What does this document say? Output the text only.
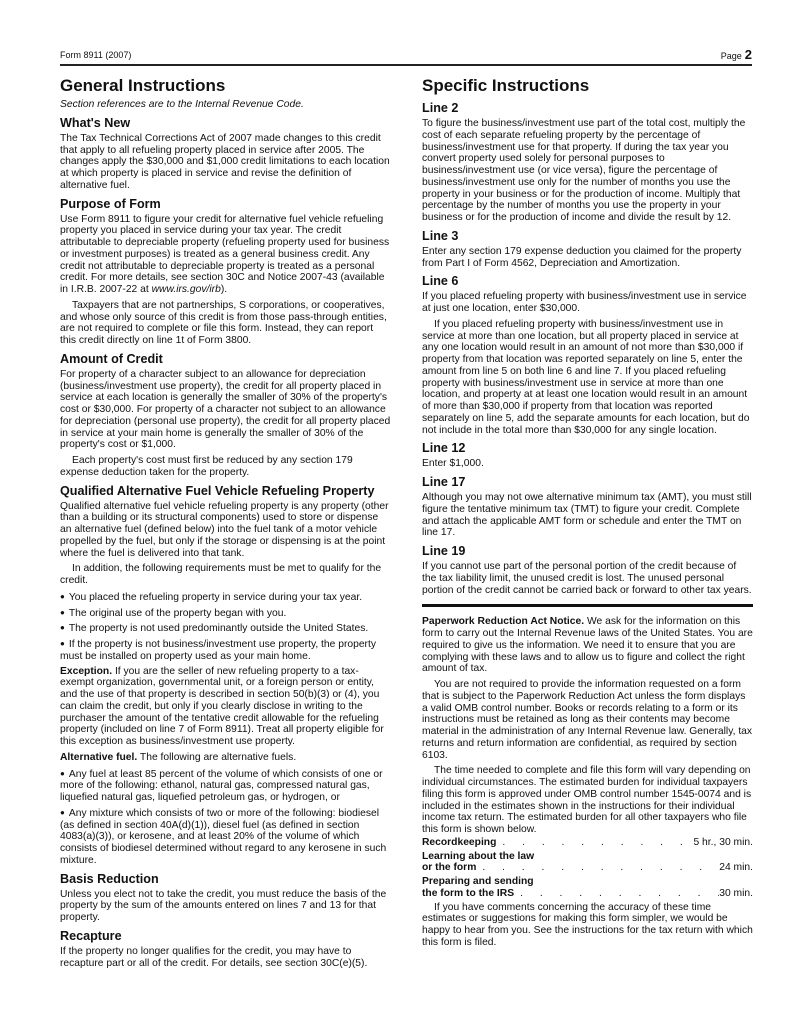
Form 8911 (2007)	Page 2
General Instructions

Section references are to the Internal Revenue Code.

What's New

The Tax Technical Corrections Act of 2007 made changes to this credit that apply to all refueling property placed in service after 2005. The changes apply the $30,000 and $1,000 credit limitations to each location at which property is placed in service and revise the definition of alternative fuel.

Purpose of Form

Use Form 8911 to figure your credit for alternative fuel vehicle refueling property you placed in service during your tax year. The credit attributable to depreciable property (refueling property used for business or investment purposes) is treated as a general business credit. Any credit not attributable to depreciable property is treated as a personal credit. For more details, see section 30C and Notice 2007-43 (available in I.R.B. 2007-22 at www.irs.gov/irb).

Taxpayers that are not partnerships, S corporations, or cooperatives, and whose only source of this credit is from those pass-through entities, are not required to complete or file this form. Instead, they can report this credit directly on line 1t of Form 3800.

Amount of Credit

For property of a character subject to an allowance for depreciation (business/investment use property), the credit for all property placed in service at each location is generally the smaller of 30% of the property's cost or $30,000. For property of a character not subject to an allowance for depreciation (personal use property), the credit for all property placed in service at your main home is generally the smaller of 30% of the property's cost or $1,000.

Each property's cost must first be reduced by any section 179 expense deduction taken for the property.

Qualified Alternative Fuel Vehicle Refueling Property

Qualified alternative fuel vehicle refueling property is any property (other than a building or its structural components) used to store or dispense an alternative fuel (defined below) into the fuel tank of a motor vehicle propelled by the fuel, but only if the storage or dispensing is at the point where the fuel is delivered into that tank.

In addition, the following requirements must be met to qualify for the credit.

● You placed the refueling property in service during your tax year.

● The original use of the property began with you.

● The property is not used predominantly outside the United States.

● If the property is not business/investment use property, the property must be installed on property used as your main home.

Exception. If you are the seller of new refueling property to a tax-exempt organization, governmental unit, or a foreign person or entity, and the use of that property is described in section 50(b)(3) or (4), you can claim the credit, but only if you clearly disclose in writing to the purchaser the amount of the tentative credit allowable for the refueling property (included on line 7 of Form 8911). Treat all property eligible for this exception as business/investment use property.

Alternative fuel. The following are alternative fuels.

● Any fuel at least 85 percent of the volume of which consists of one or more of the following: ethanol, natural gas, compressed natural gas, liquefied natural gas, liquefied petroleum gas, or hydrogen, or

● Any mixture which consists of two or more of the following: biodiesel (as defined in section 40A(d)(1)), diesel fuel (as defined in section 4083(a)(3)), or kerosene, and at least 20% of the volume of which consists of biodiesel determined without regard to any kerosene in such mixture.

Basis Reduction

Unless you elect not to take the credit, you must reduce the basis of the property by the sum of the amounts entered on lines 7 and 13 for that property.

Recapture

If the property no longer qualifies for the credit, you may have to recapture part or all of the credit. For details, see section 30C(e)(5).

Specific Instructions
Line 2

To figure the business/investment use part of the total cost, multiply the cost of each separate refueling property by the percentage of business/investment use for that property. If during the tax year you convert property used solely for personal purposes to business/investment use (or vice versa), figure the percentage of business/investment use only for the number of months you use the property in your business or for the production of income. Multiply that percentage by the number of months you use the property in your business or for the production of income and divide the result by 12.

Line 3

Enter any section 179 expense deduction you claimed for the property from Part I of Form 4562, Depreciation and Amortization.

Line 6

If you placed refueling property with business/investment use in service at just one location, enter $30,000.

If you placed refueling property with business/investment use in service at more than one location, but all property placed in service at any one location would result in an amount of not more than $30,000 if property from that location was reported separately on line 5, enter the amount from line 5 on both line 6 and line 7. If you placed refueling property with business/investment use in service at more than one location, and property at at least one location would result in an amount of more than $30,000 if property from that location was reported separately on line 5, add the separate amounts for each location, but do not include in the total more than $30,000 for any single location.

Line 12

Enter $1,000.

Line 17

Although you may not owe alternative minimum tax (AMT), you must still figure the tentative minimum tax (TMT) to figure your credit. Complete and attach the applicable AMT form or schedule and enter the TMT on line 17.

Line 19

If you cannot use part of the personal portion of the credit because of the tax liability limit, the unused credit is lost. The unused personal portion of the credit cannot be carried back or forward to other tax years.

Paperwork Reduction Act Notice. We ask for the information on this form to carry out the Internal Revenue laws of the United States. You are required to give us the information. We need it to ensure that you are complying with these laws and to allow us to figure and collect the right amount of tax.

You are not required to provide the information requested on a form that is subject to the Paperwork Reduction Act unless the form displays a valid OMB control number. Books or records relating to a form or its instructions must be retained as long as their contents may become material in the administration of any Internal Revenue law. Generally, tax returns and return information are confidential, as required by section 6103.

The time needed to complete and file this form will vary depending on individual circumstances. The estimated burden for individual taxpayers filing this form is approved under OMB control number 1545-0074 and is included in the estimates shown in the instructions for their individual income tax return. The estimated burden for all other taxpayers who file this form is shown below.

Recordkeeping . . .	5 hr., 30 min.
Learning about the law
or the form . . .	24 min.
Preparing and sending
the form to the IRS . . .	30 min.

If you have comments concerning the accuracy of these time estimates or suggestions for making this form simpler, we would be happy to hear from you. See the instructions for the tax return with which this form is filed.
